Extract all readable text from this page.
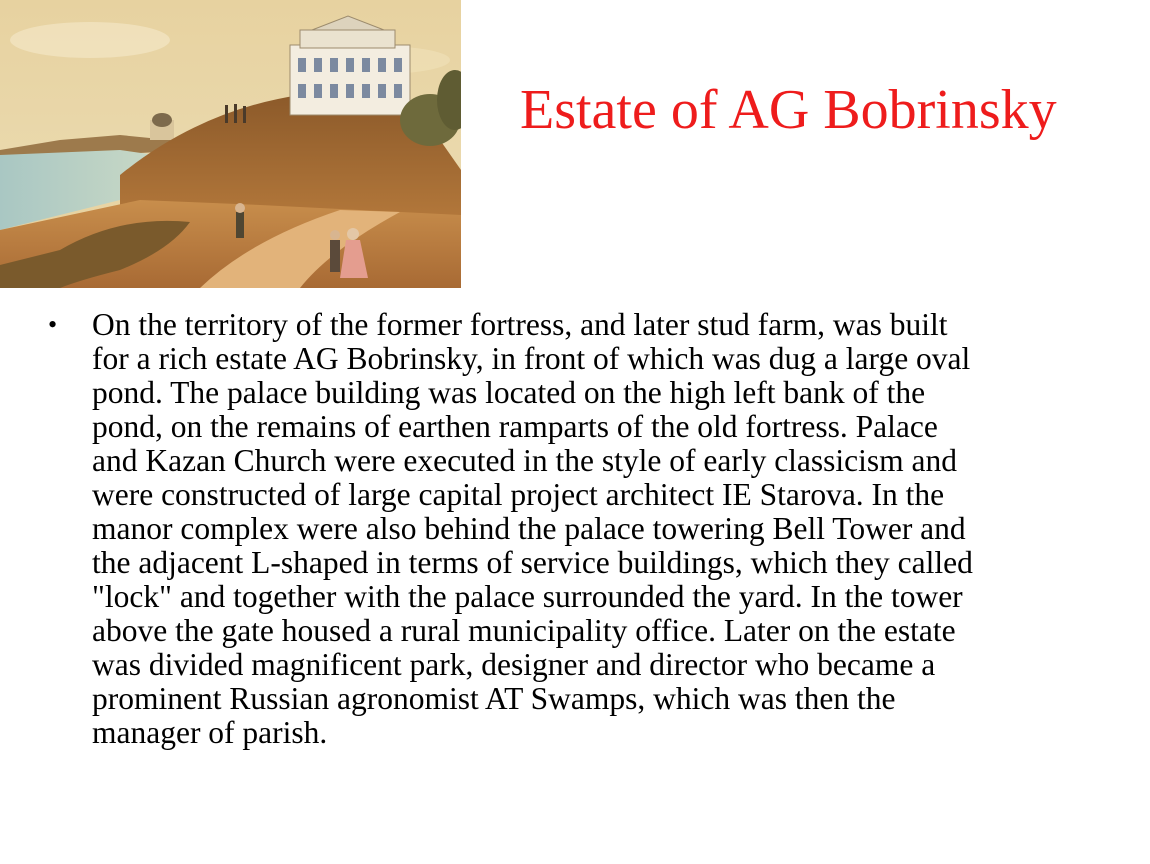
Estate of AG Bobrinsky
• On the territory of the former fortress, and later stud farm, was built
for a rich estate AG Bobrinsky, in front of which was dug a large oval
pond. The palace building was located on the high left bank of the
pond, on the remains of earthen ramparts of the old fortress. Palace
and Kazan Church were executed in the style of early classicism and
were constructed of large capital project architect IE Starova. In the
manor complex were also behind the palace towering Bell Tower and
the adjacent L-shaped in terms of service buildings, which they called
"lock" and together with the palace surrounded the yard. In the tower
above the gate housed a rural municipality office. Later on the estate
was divided magnificent park, designer and director who became a
prominent Russian agronomist AT Swamps, which was then the
manager of parish.
